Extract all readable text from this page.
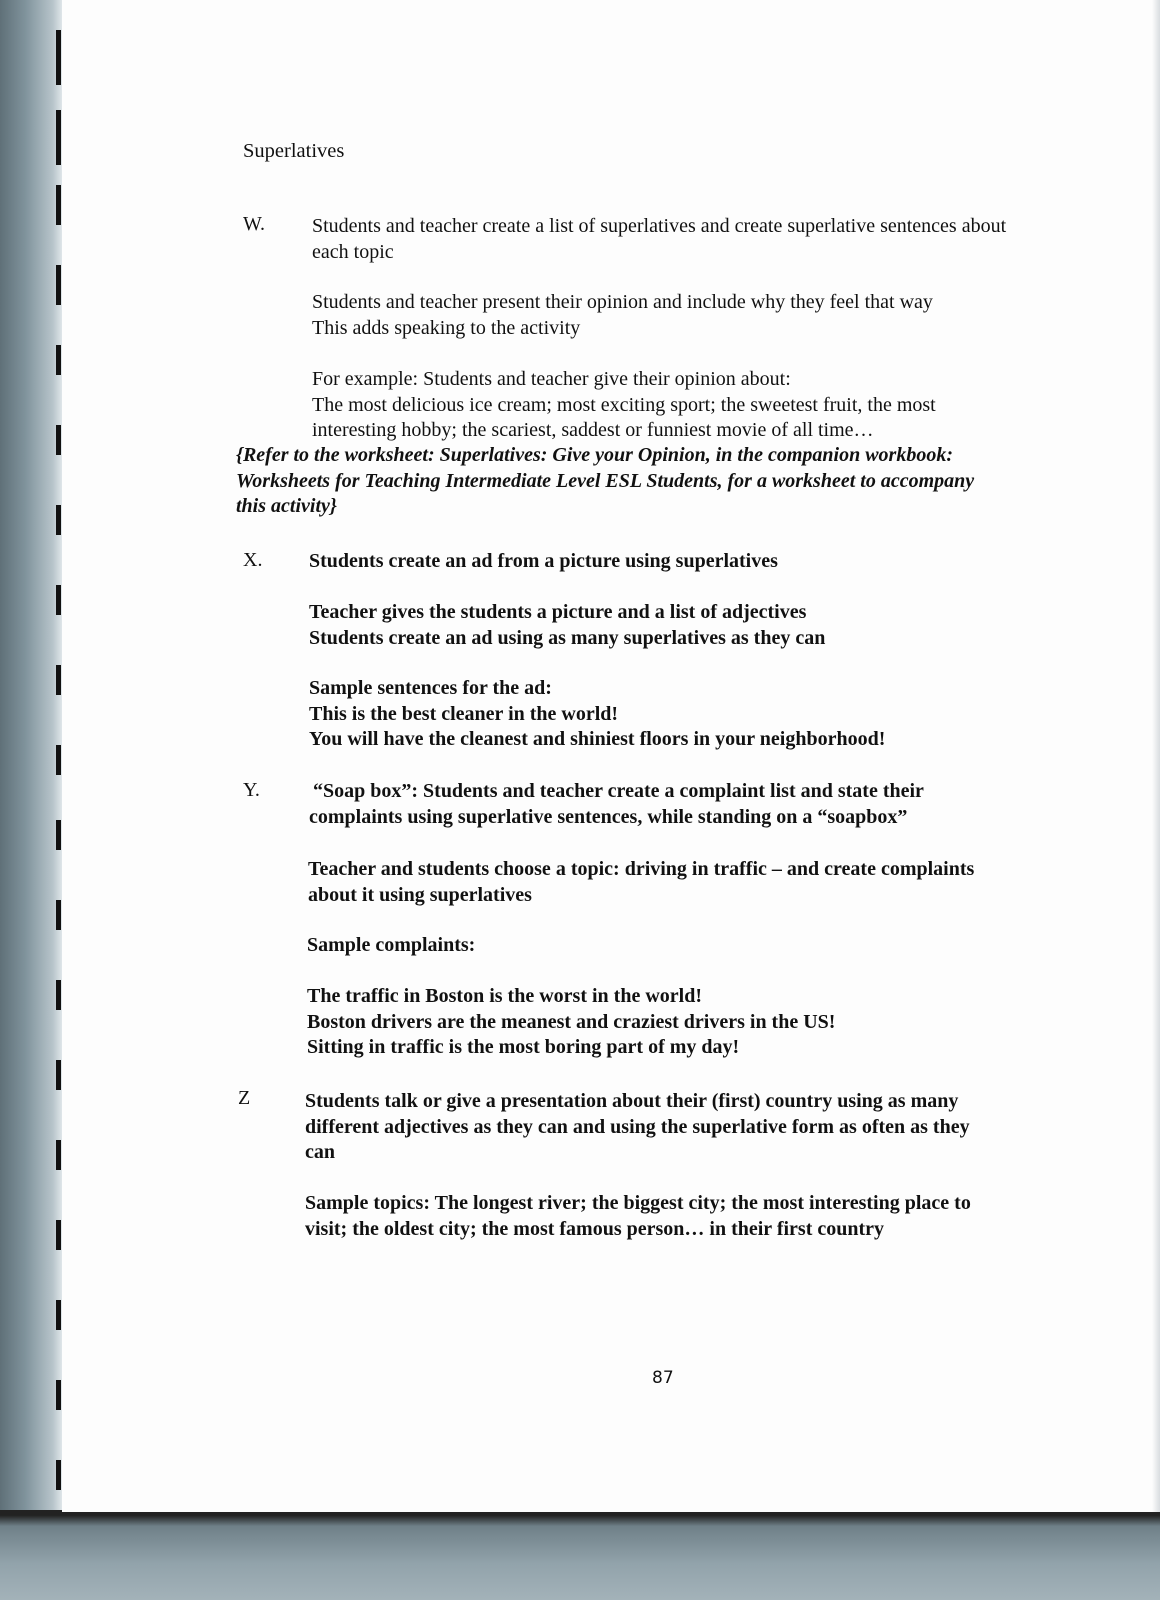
Superlatives
W. Students and teacher create a list of superlatives and create superlative sentences about

each topic

Students and teacher present their opinion and include why they feel that way

This adds speaking to the activity

For example: Students and teacher give their opinion about:

The most delicious ice cream; most exciting sport; the sweetest fruit, the most

interesting hobby; the scariest, saddest or funniest movie of all time…

{Refer to the worksheet: Superlatives: Give your Opinion, in the companion workbook:

Worksheets for Teaching Intermediate Level ESL Students, for a worksheet to accompany

this activity}

X. Students create an ad from a picture using superlatives

Teacher gives the students a picture and a list of adjectives

Students create an ad using as many superlatives as they can

Sample sentences for the ad:

This is the best cleaner in the world!

You will have the cleanest and shiniest floors in your neighborhood!

Y.	“Soap box”: Students and teacher create a complaint list and state their

complaints using superlative sentences, while standing on a “soapbox”

Teacher and students choose a topic: driving in traffic – and create complaints

about it using superlatives

Sample complaints:

The traffic in Boston is the worst in the world!

Boston drivers are the meanest and craziest drivers in the US!

Sitting in traffic is the most boring part of my day!

Z	Students talk or give a presentation about their (first) country using as many

different adjectives as they can and using the superlative form as often as they

can

Sample topics: The longest river; the biggest city; the most interesting place to

visit; the oldest city; the most famous person… in their first country

87
